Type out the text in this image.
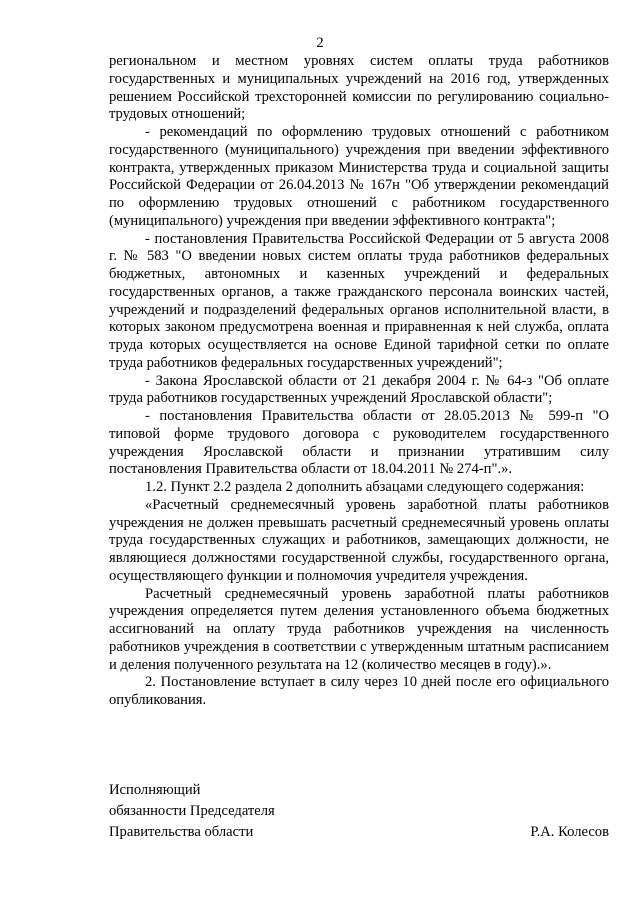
2

региональном и местном уровнях систем оплаты труда работников государственных и муниципальных учреждений на 2016 год, утвержденных решением Российской трехсторонней комиссии по регулированию социально-трудовых отношений;

- рекомендаций по оформлению трудовых отношений с работником государственного (муниципального) учреждения при введении эффективного контракта, утвержденных приказом Министерства труда и социальной защиты Российской Федерации от 26.04.2013 № 167н "Об утверждении рекомендаций по оформлению трудовых отношений с работником государственного (муниципального) учреждения при введении эффективного контракта";

- постановления Правительства Российской Федерации от 5 августа 2008 г. № 583 "О введении новых систем оплаты труда работников федеральных бюджетных, автономных и казенных учреждений и федеральных государственных органов, а также гражданского персонала воинских частей, учреждений и подразделений федеральных органов исполнительной власти, в которых законом предусмотрена военная и приравненная к ней служба, оплата труда которых осуществляется на основе Единой тарифной сетки по оплате труда работников федеральных государственных учреждений";

- Закона Ярославской области от 21 декабря 2004 г. № 64-з "Об оплате труда работников государственных учреждений Ярославской области";

- постановления Правительства области от 28.05.2013 № 599-п "О типовой форме трудового договора с руководителем государственного учреждения Ярославской области и признании утратившим силу постановления Правительства области от 18.04.2011 № 274-п".».

1.2. Пункт 2.2 раздела 2 дополнить абзацами следующего содержания:

«Расчетный среднемесячный уровень заработной платы работников учреждения не должен превышать расчетный среднемесячный уровень оплаты труда государственных служащих и работников, замещающих должности, не являющиеся должностями государственной службы, государственного органа, осуществляющего функции и полномочия учредителя учреждения.

Расчетный среднемесячный уровень заработной платы работников учреждения определяется путем деления установленного объема бюджетных ассигнований на оплату труда работников учреждения на численность работников учреждения в соответствии с утвержденным штатным расписанием и деления полученного результата на 12 (количество месяцев в году).».

2. Постановление вступает в силу через 10 дней после его официального опубликования.

Исполняющий
обязанности Председателя
Правительства области	Р.А. Колесов
